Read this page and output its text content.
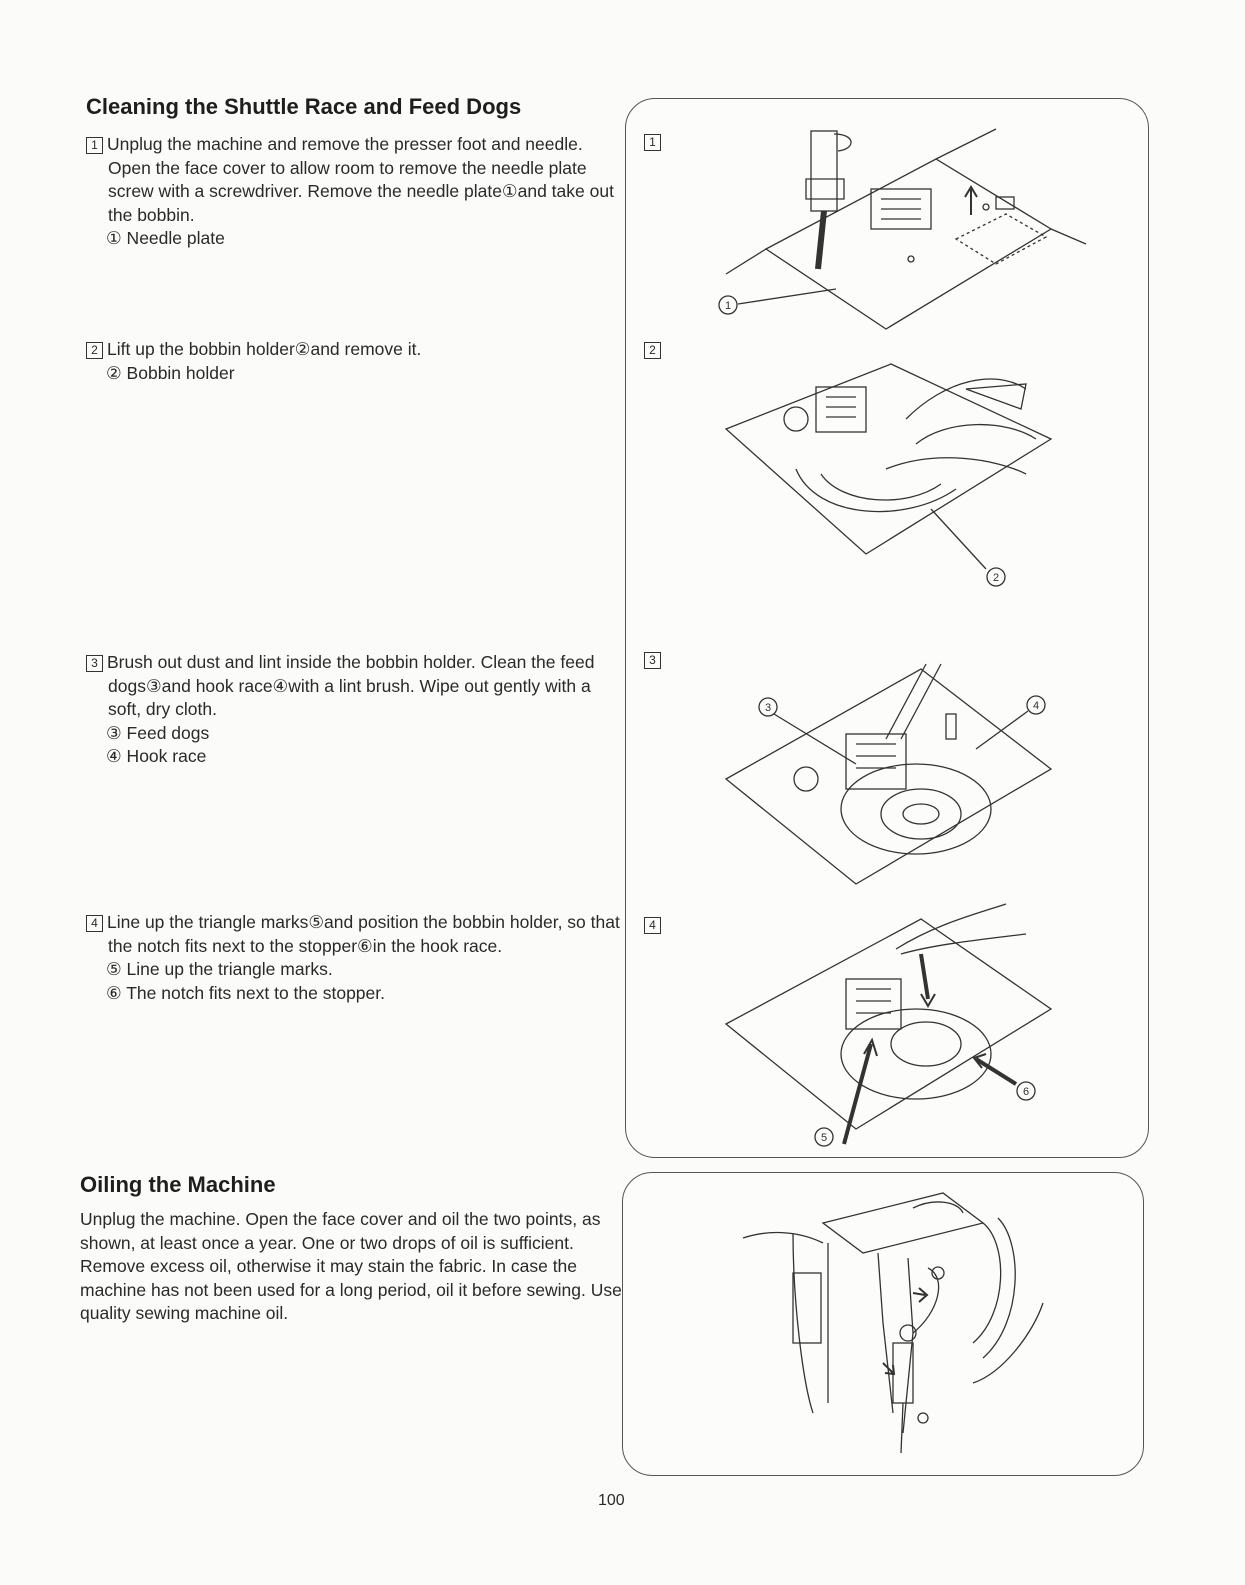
Cleaning the Shuttle Race and Feed Dogs

1 Unplug the machine and remove the presser foot and needle. Open the face cover to allow room to remove the needle plate screw with a screwdriver. Remove the needle plate①and take out the bobbin.

① Needle plate

2 Lift up the bobbin holder②and remove it.

② Bobbin holder

3 Brush out dust and lint inside the bobbin holder. Clean the feed dogs③and hook race④with a lint brush. Wipe out gently with a soft, dry cloth.

③ Feed dogs

④ Hook race

4 Line up the triangle marks⑤and position the bobbin holder, so that the notch fits next to the stopper⑥in the hook race.

⑤ Line up the triangle marks.

⑥ The notch fits next to the stopper.

Oiling the Machine

Unplug the machine. Open the face cover and oil the two points, as shown, at least once a year. One or two drops of oil is sufficient. Remove excess oil, otherwise it may stain the fabric. In case the machine has not been used for a long period, oil it before sewing. Use quality sewing machine oil.

1
2
3
4
1
2
3	4
5
6
100
